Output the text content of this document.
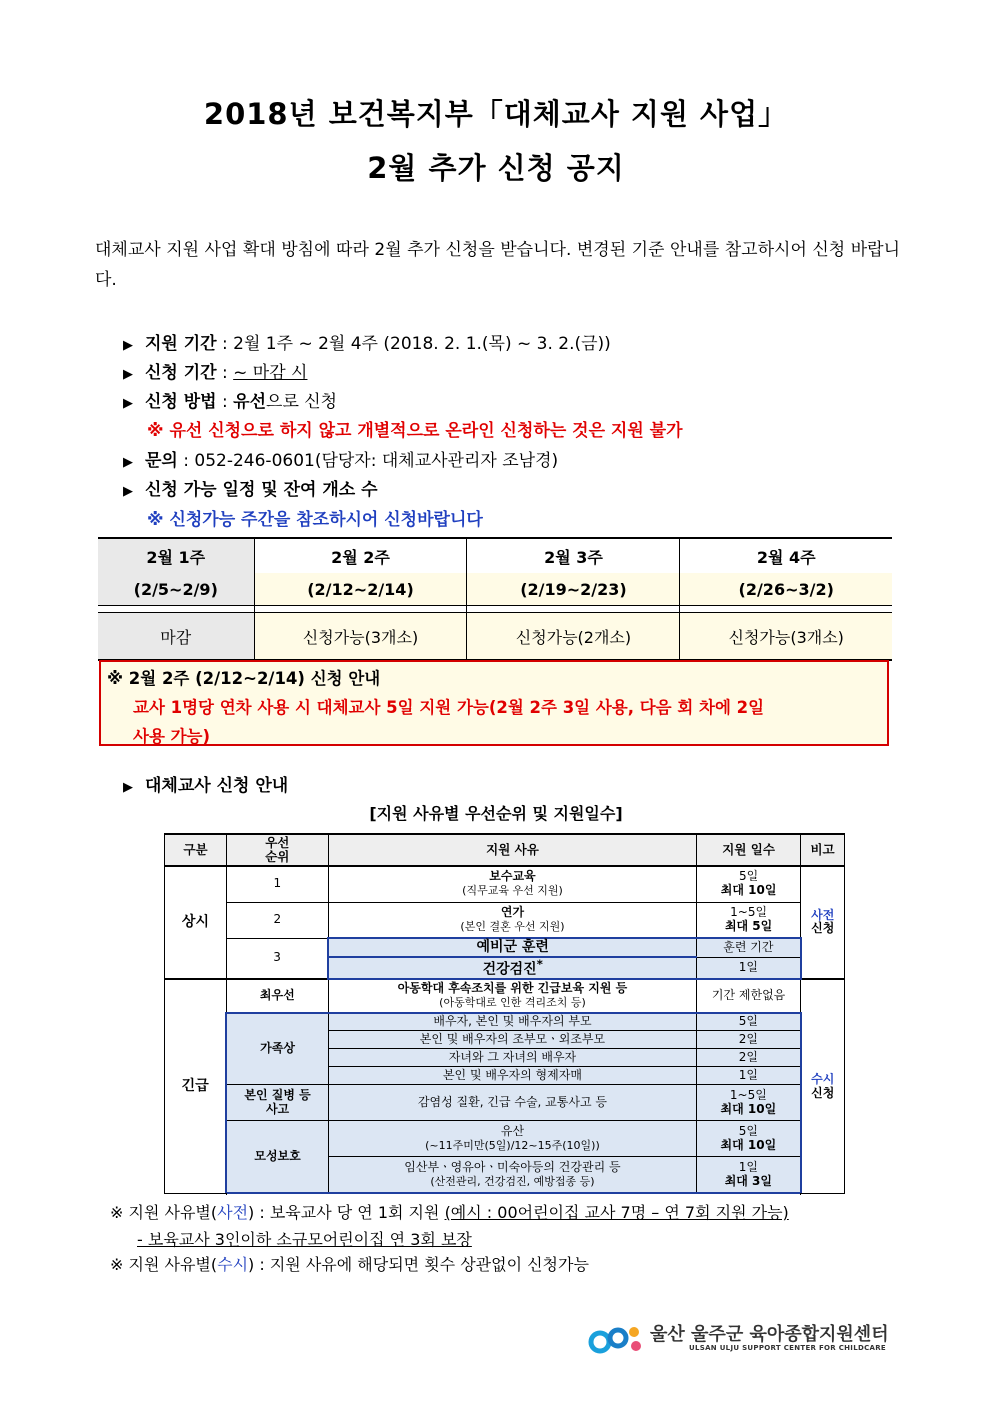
2018년 보건복지부「대체교사 지원 사업」
2월 추가 신청 공지
대체교사 지원 사업 확대 방침에 따라 2월 추가 신청을 받습니다. 변경된 기준 안내를 참고하시어 신청 바랍니다.
▶ 지원 기간 : 2월 1주 ~ 2월 4주 (2018. 2. 1.(목) ~ 3. 2.(금))
▶ 신청 기간 : ~ 마감 시
▶ 신청 방법 : 유선으로 신청
※ 유선 신청으로 하지 않고 개별적으로 온라인 신청하는 것은 지원 불가
▶ 문의 : 052-246-0601(담당자: 대체교사관리자 조남경)
▶ 신청 가능 일정 및 잔여 개소 수
※ 신청가능 주간을 참조하시어 신청바랍니다
2월 1주	2월 2주	2월 3주	2월 4주
(2/5~2/9)	(2/12~2/14)	(2/19~2/23)	(2/26~3/2)

마감	신청가능(3개소)	신청가능(2개소)	신청가능(3개소)
※ 2월 2주 (2/12~2/14) 신청 안내
교사 1명당 연차 사용 시 대체교사 5일 지원 가능(2월 2주 3일 사용, 다음 회 차에 2일
사용 가능)
▶ 대체교사 신청 안내
[지원 사유별 우선순위 및 지원일수]
구분	우선
순위	지원 사유	지원 일수	비고
상시	1	보수교육
(직무교육 우선 지원)	5일
최대 10일	사전
신청
	2	연가
(본인 결혼 우선 지원)	1~5일
최대 5일	
	3	예비군 훈련	훈련 기간	
		건강검진*	1일	
긴급	최우선	아동학대 후속조치를 위한 긴급보육 지원 등
(아동학대로 인한 격리조치 등)	기간 제한없음	수시
신청
	가족상	배우자, 본인 및 배우자의 부모	5일	
		본인 및 배우자의 조부모ㆍ외조부모	2일	
		자녀와 그 자녀의 배우자	2일	
		본인 및 배우자의 형제자매	1일	
	본인 질병 등
사고	감염성 질환, 긴급 수술, 교통사고 등	1~5일
최대 10일	
	모성보호	유산
(~11주미만(5일)/12~15주(10일))	5일
최대 10일	
		임산부ㆍ영유아ㆍ미숙아등의 건강관리 등
(산전관리, 건강검진, 예방접종 등)	1일
최대 3일	

※ 지원 사유별(사전) : 보육교사 당 연 1회 지원 (예시 : 00어린이집 교사 7명 – 연 7회 지원 가능)
- 보육교사 3인이하 소규모어린이집 연 3회 보장
※ 지원 사유별(수시) : 지원 사유에 해당되면 횟수 상관없이 신청가능
울산 울주군 육아종합지원센터
ULSAN ULJU SUPPORT CENTER FOR CHILDCARE
